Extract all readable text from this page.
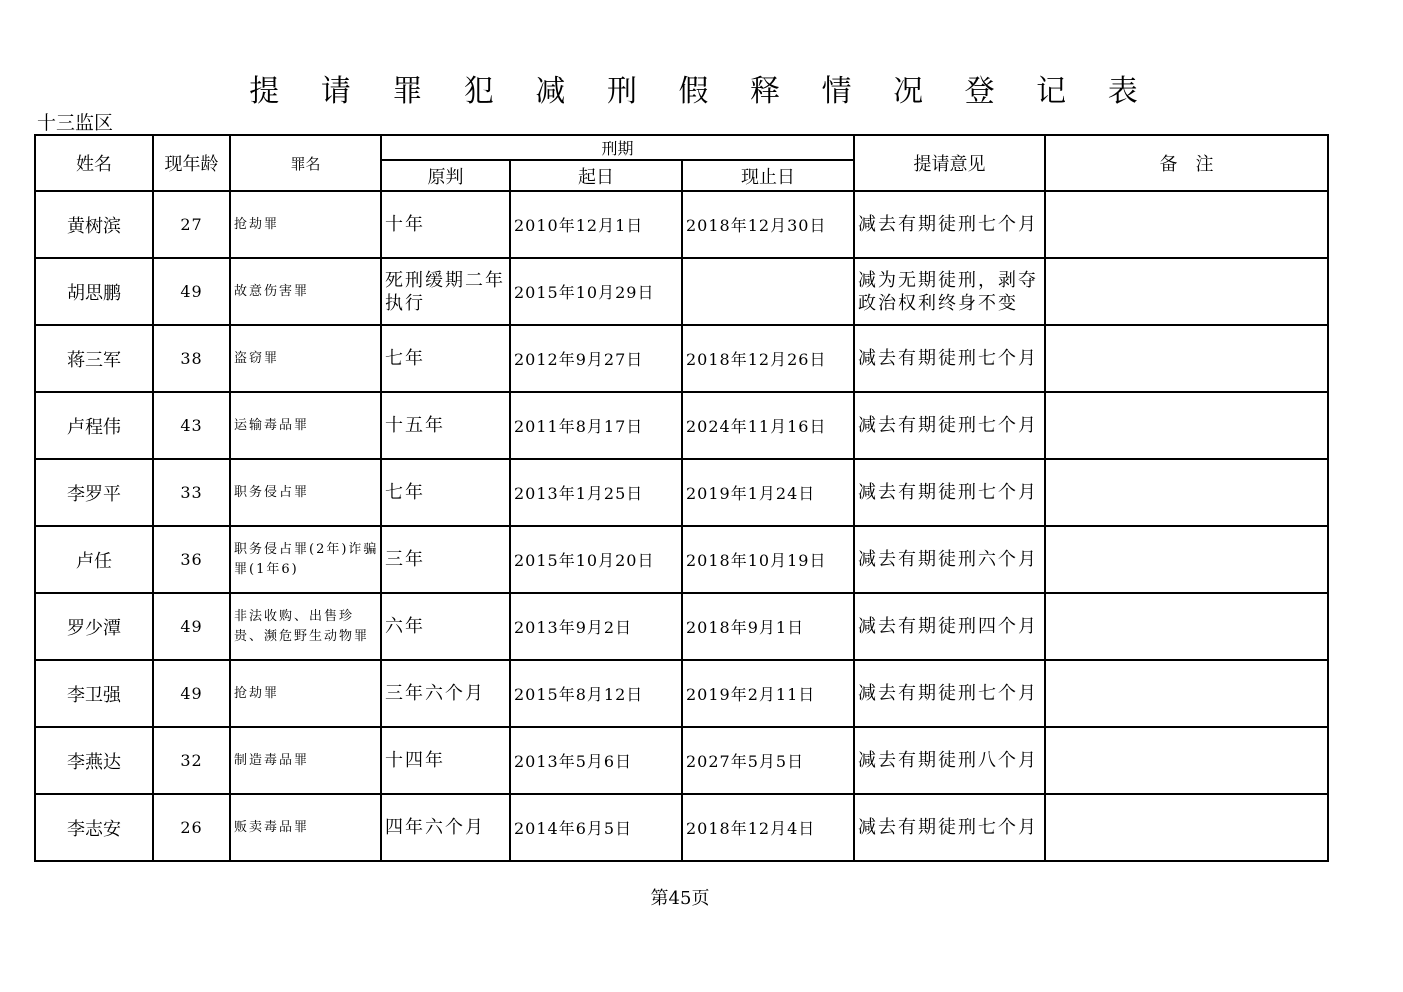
提 请 罪 犯 减 刑 假 释 情 况 登 记 表
十三监区
姓名	现年龄	罪名	刑期			提请意见	备　注
			原判	起日	现止日		
黄树滨	27	抢劫罪	十年	2010年12月1日	2018年12月30日	减去有期徒刑七个月	
胡思鹏	49	故意伤害罪	死刑缓期二年执行	2015年10月29日		减为无期徒刑，剥夺政治权利终身不变	
蒋三军	38	盗窃罪	七年	2012年9月27日	2018年12月26日	减去有期徒刑七个月	
卢程伟	43	运输毒品罪	十五年	2011年8月17日	2024年11月16日	减去有期徒刑七个月	
李罗平	33	职务侵占罪	七年	2013年1月25日	2019年1月24日	减去有期徒刑七个月	
卢任	36	职务侵占罪(2年)诈骗罪(1年6)	三年	2015年10月20日	2018年10月19日	减去有期徒刑六个月	
罗少潭	49	非法收购、出售珍贵、濒危野生动物罪	六年	2013年9月2日	2018年9月1日	减去有期徒刑四个月	
李卫强	49	抢劫罪	三年六个月	2015年8月12日	2019年2月11日	减去有期徒刑七个月	
李燕达	32	制造毒品罪	十四年	2013年5月6日	2027年5月5日	减去有期徒刑八个月	
李志安	26	贩卖毒品罪	四年六个月	2014年6月5日	2018年12月4日	减去有期徒刑七个月	
第45页
